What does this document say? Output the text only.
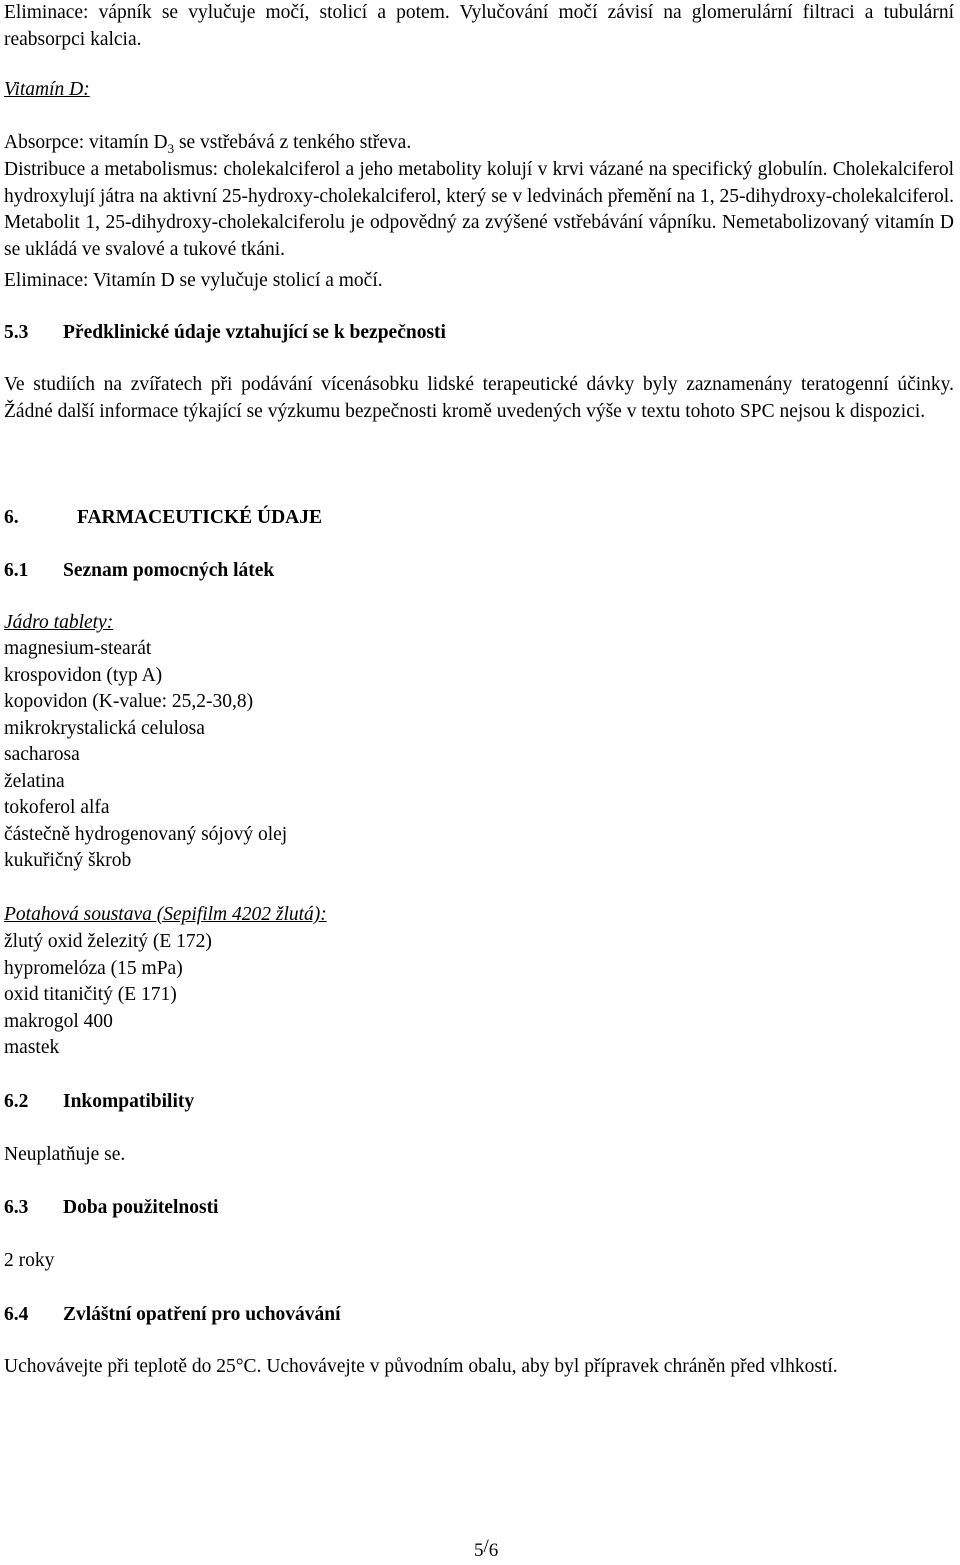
Eliminace: vápník se vylučuje močí, stolicí a potem. Vylučování močí závisí na glomerulární filtraci a tubulární reabsorpci kalcia.

Vitamín D:

Absorpce: vitamín $D_3$ se vstřebává z tenkého střeva.

Distribuce a metabolismus: cholekalciferol a jeho metabolity kolují v krvi vázané na specifický globulín. Cholekalciferol hydroxylují játra na aktivní 25-hydroxy-cholekalciferol, který se v ledvinách přemění na 1, 25-dihydroxy-cholekalciferol. Metabolit 1, 25-dihydroxy-cholekalciferolu je odpovědný za zvýšené vstřebávání vápníku. Nemetabolizovaný vitamín D se ukládá ve svalové a tukové tkáni.

Eliminace: Vitamín D se vylučuje stolicí a močí.

5.3 Předklinické údaje vztahující se k bezpečnosti

Ve studiích na zvířatech při podávání vícenásobku lidské terapeutické dávky byly zaznamenány teratogenní účinky. Žádné další informace týkající se výzkumu bezpečnosti kromě uvedených výše v textu tohoto SPC nejsou k dispozici.

6.	FARMACEUTICKÉ ÚDAJE

6.1 Seznam pomocných látek

Jádro tablety:

magnesium-stearát
krospovidon (typ A)
kopovidon (K-value: 25,2-30,8)
mikrokrystalická celulosa
sacharosa
želatina
tokoferol alfa
částečně hydrogenovaný sójový olej
kukuřičný škrob

Potahová soustava (Sepifilm 4202 žlutá):

žlutý oxid železitý (E 172)
hypromelóza (15 mPa)
oxid titaničitý (E 171)
makrogol 400
mastek

6.2 Inkompatibility

Neuplatňuje se.

6.3 Doba použitelnosti

2 roky

6.4 Zvláštní opatření pro uchovávání

Uchovávejte při teplotě do 25°C. Uchovávejte v původním obalu, aby byl přípravek chráněn před vlhkostí.

5/6
